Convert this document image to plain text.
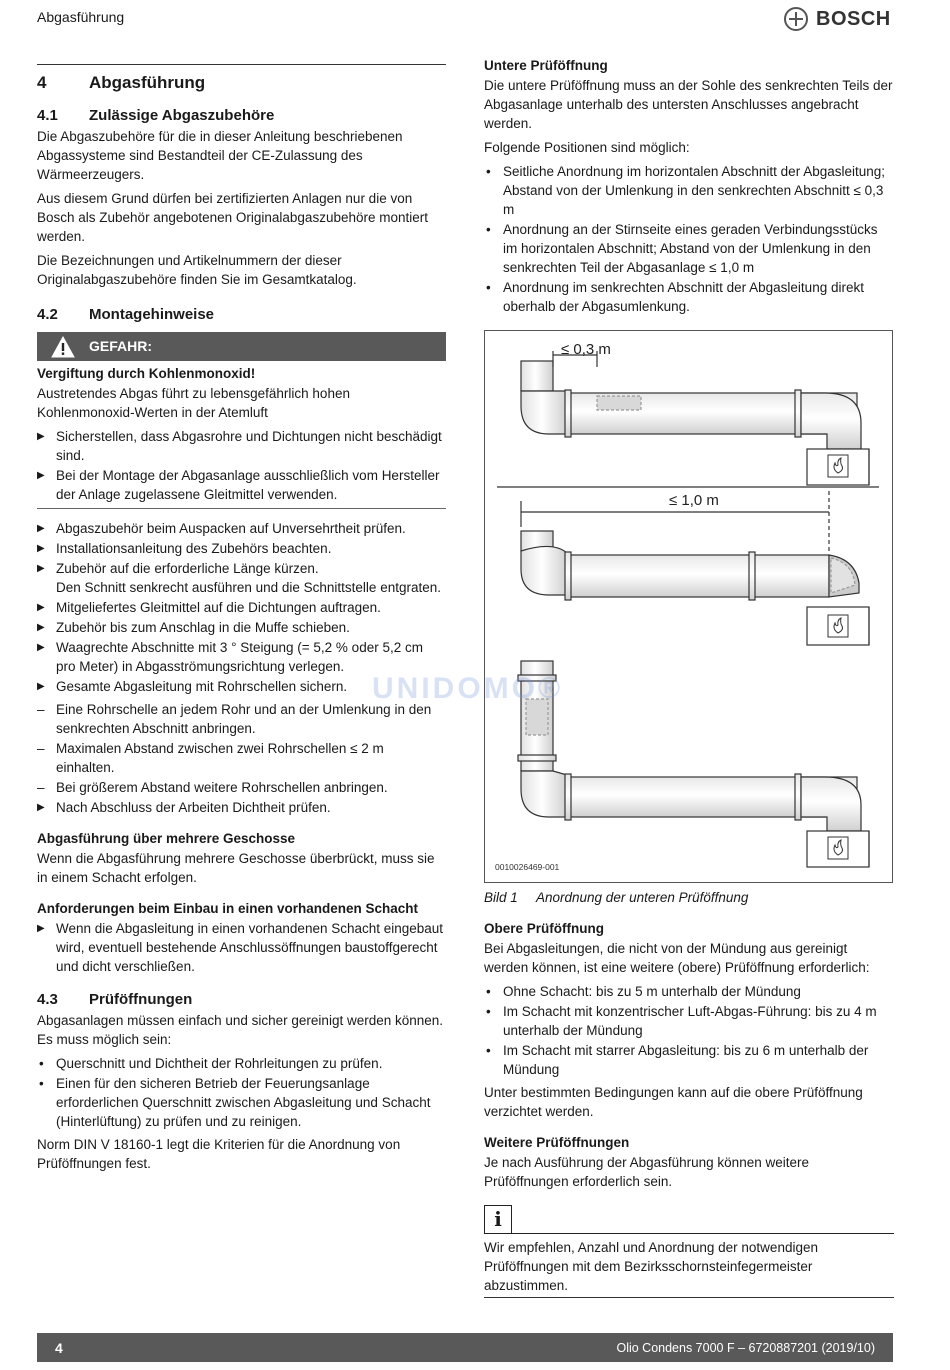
Abgasführung	BOSCH
4	Abgasführung
4.1	Zulässige Abgaszubehöre

Die Abgaszubehöre für die in dieser Anleitung beschriebenen Abgassysteme sind Bestandteil der CE-Zulassung des Wärmeerzeugers.

Aus diesem Grund dürfen bei zertifizierten Anlagen nur die von Bosch als Zubehör angebotenen Originalabgaszubehöre montiert werden.

Die Bezeichnungen und Artikelnummern der dieser Originalabgaszubehöre finden Sie im Gesamtkatalog.

4.2	Montagehinweise
GEFAHR:
Vergiftung durch Kohlenmonoxid!

Austretendes Abgas führt zu lebensgefährlich hohen Kohlenmonoxid-Werten in der Atemluft

▶ Sicherstellen, dass Abgasrohre und Dichtungen nicht beschädigt sind.
▶ Bei der Montage der Abgasanlage ausschließlich vom Hersteller der Anlage zugelassene Gleitmittel verwenden.
▶ Abgaszubehör beim Auspacken auf Unversehrtheit prüfen.
▶ Installationsanleitung des Zubehörs beachten.
▶ Zubehör auf die erforderliche Länge kürzen.
Den Schnitt senkrecht ausführen und die Schnittstelle entgraten.
▶ Mitgeliefertes Gleitmittel auf die Dichtungen auftragen.
▶ Zubehör bis zum Anschlag in die Muffe schieben.
▶ Waagrechte Abschnitte mit 3 ° Steigung (= 5,2 % oder 5,2 cm pro Meter) in Abgasströmungsrichtung verlegen.
▶ Gesamte Abgasleitung mit Rohrschellen sichern.
– Eine Rohrschelle an jedem Rohr und an der Umlenkung in den senkrechten Abschnitt anbringen.
– Maximalen Abstand zwischen zwei Rohrschellen ≤ 2 m einhalten.
– Bei größerem Abstand weitere Rohrschellen anbringen.
▶ Nach Abschluss der Arbeiten Dichtheit prüfen.
Abgasführung über mehrere Geschosse

Wenn die Abgasführung mehrere Geschosse überbrückt, muss sie in einem Schacht erfolgen.

Anforderungen beim Einbau in einen vorhandenen Schacht
▶ Wenn die Abgasleitung in einen vorhandenen Schacht eingebaut wird, eventuell bestehende Anschlussöffnungen baustoffgerecht und dicht verschließen.
4.3	Prüföffnungen

Abgasanlagen müssen einfach und sicher gereinigt werden können. Es muss möglich sein:

• Querschnitt und Dichtheit der Rohrleitungen zu prüfen.
• Einen für den sicheren Betrieb der Feuerungsanlage erforderlichen Querschnitt zwischen Abgasleitung und Schacht (Hinterlüftung) zu prüfen und zu reinigen.

Norm DIN V 18160-1 legt die Kriterien für die Anordnung von Prüföffnungen fest.

Untere Prüföffnung

Die untere Prüföffnung muss an der Sohle des senkrechten Teils der Abgasanlage unterhalb des untersten Anschlusses angebracht werden.

Folgende Positionen sind möglich:

• Seitliche Anordnung im horizontalen Abschnitt der Abgasleitung; Abstand von der Umlenkung in den senkrechten Abschnitt ≤ 0,3 m
• Anordnung an der Stirnseite eines geraden Verbindungsstücks im horizontalen Abschnitt; Abstand von der Umlenkung in den senkrechten Teil der Abgasanlage ≤ 1,0 m
• Anordnung im senkrechten Abschnitt der Abgasleitung direkt oberhalb der Abgasumlenkung.
≤ 0,3 m
≤ 1,0 m
0010026469-001
Bild 1	Anordnung der unteren Prüföffnung
Obere Prüföffnung

Bei Abgasleitungen, die nicht von der Mündung aus gereinigt werden können, ist eine weitere (obere) Prüföffnung erforderlich:

• Ohne Schacht: bis zu 5 m unterhalb der Mündung
• Im Schacht mit konzentrischer Luft-Abgas-Führung: bis zu 4 m unterhalb der Mündung
• Im Schacht mit starrer Abgasleitung: bis zu 6 m unterhalb der Mündung

Unter bestimmten Bedingungen kann auf die obere Prüföffnung verzichtet werden.

Weitere Prüföffnungen

Je nach Ausführung der Abgasführung können weitere Prüföffnungen erforderlich sein.

i

Wir empfehlen, Anzahl und Anordnung der notwendigen Prüföffnungen mit dem Bezirksschornsteinfegermeister abzustimmen.

UNIDOMO®
4	Olio Condens 7000 F – 6720887201 (2019/10)
